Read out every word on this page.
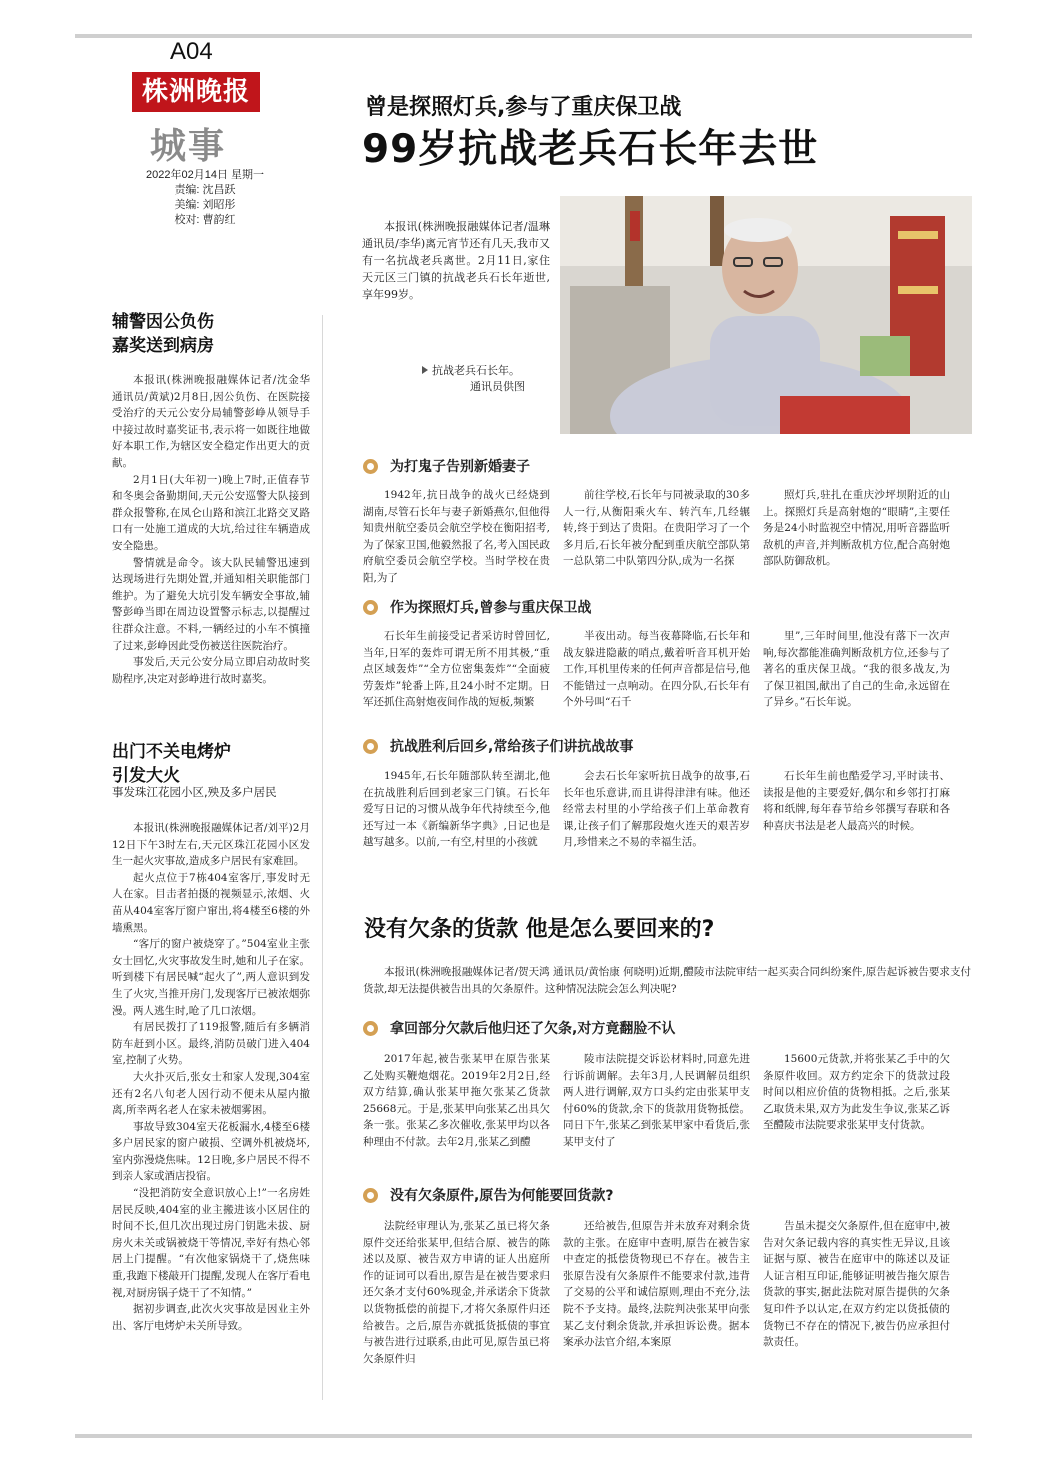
A04
株洲晚报
城事
2022年02月14日 星期一
责编: 沈昌跃
美编: 刘昭彤
校对: 曹韵红
曾是探照灯兵,参与了重庆保卫战
99岁抗战老兵石长年去世
本报讯(株洲晚报融媒体记者/温琳 通讯员/李华)离元宵节还有几天,我市又有一名抗战老兵离世。2月11日,家住天元区三门镇的抗战老兵石长年逝世,享年99岁。
抗战老兵石长年。
通讯员供图
为打鬼子告别新婚妻子

1942年,抗日战争的战火已经烧到湖南,尽管石长年与妻子新婚燕尔,但他得知贵州航空委员会航空学校在衡阳招考,为了保家卫国,他毅然报了名,考入国民政府航空委员会航空学校。当时学校在贵阳,为了

前往学校,石长年与同被录取的30多人一行,从衡阳乘火车、转汽车,几经辗转,终于到达了贵阳。在贵阳学习了一个多月后,石长年被分配到重庆航空部队第一总队第二中队第四分队,成为一名探

照灯兵,驻扎在重庆沙坪坝附近的山上。探照灯兵是高射炮的“眼睛”,主要任务是24小时监视空中情况,用听音器监听敌机的声音,并判断敌机方位,配合高射炮部队防御敌机。

作为探照灯兵,曾参与重庆保卫战

石长年生前接受记者采访时曾回忆,当年,日军的轰炸可谓无所不用其极,“重点区域轰炸”“全方位密集轰炸”“全面疲劳轰炸”轮番上阵,且24小时不定期。日军还抓住高射炮夜间作战的短板,频繁

半夜出动。每当夜幕降临,石长年和战友躲进隐蔽的哨点,戴着听音耳机开始工作,耳机里传来的任何声音都是信号,他不能错过一点响动。在四分队,石长年有个外号叫“石千

里”,三年时间里,他没有落下一次声响,每次都能准确判断敌机方位,还参与了著名的重庆保卫战。“我的很多战友,为了保卫祖国,献出了自己的生命,永远留在了异乡。”石长年说。

抗战胜利后回乡,常给孩子们讲抗战故事

1945年,石长年随部队转至湖北,他在抗战胜利后回到老家三门镇。石长年爱写日记的习惯从战争年代持续至今,他还写过一本《新编新华字典》,日记也是越写越多。以前,一有空,村里的小孩就

会去石长年家听抗日战争的故事,石长年也乐意讲,而且讲得津津有味。他还经常去村里的小学给孩子们上革命教育课,让孩子们了解那段炮火连天的艰苦岁月,珍惜来之不易的幸福生活。

石长年生前也酷爱学习,平时读书、读报是他的主要爱好,偶尔和乡邻打打麻将和纸牌,每年春节给乡邻撰写春联和各种喜庆书法是老人最高兴的时候。

没有欠条的货款 他是怎么要回来的?
本报讯(株洲晚报融媒体记者/贺天鸿 通讯员/黄怡康 何晓明)近期,醴陵市法院审结一起买卖合同纠纷案件,原告起诉被告要求支付货款,却无法提供被告出具的欠条原件。这种情况法院会怎么判决呢?
拿回部分欠款后他归还了欠条,对方竟翻脸不认

2017年起,被告张某甲在原告张某乙处购买鞭炮烟花。2019年2月2日,经双方结算,确认张某甲拖欠张某乙货款25668元。于是,张某甲向张某乙出具欠条一张。张某乙多次催收,张某甲均以各种理由不付款。去年2月,张某乙到醴

陵市法院提交诉讼材料时,同意先进行诉前调解。去年3月,人民调解员组织两人进行调解,双方口头约定由张某甲支付60%的货款,余下的货款用货物抵偿。同日下午,张某乙到张某甲家中看货后,张某甲支付了

15600元货款,并将张某乙手中的欠条原件收回。双方约定余下的货款过段时间以相应价值的货物相抵。之后,张某乙取货未果,双方为此发生争议,张某乙诉至醴陵市法院要求张某甲支付货款。

没有欠条原件,原告为何能要回货款?

法院经审理认为,张某乙虽已将欠条原件交还给张某甲,但结合原、被告的陈述以及原、被告双方申请的证人出庭所作的证词可以看出,原告是在被告要求归还欠条才支付60%现金,并承诺余下货款以货物抵偿的前提下,才将欠条原件归还给被告。之后,原告亦就抵货抵债的事宜与被告进行过联系,由此可见,原告虽已将欠条原件归

还给被告,但原告并未放弃对剩余货款的主张。在庭审中查明,原告在被告家中查定的抵偿货物现已不存在。被告主张原告没有欠条原件不能要求付款,违背了交易的公平和诚信原则,理由不充分,法院不予支持。最终,法院判决张某甲向张某乙支付剩余货款,并承担诉讼费。据本案承办法官介绍,本案原

告虽未提交欠条原件,但在庭审中,被告对欠条记载内容的真实性无异议,且该证据与原、被告在庭审中的陈述以及证人证言相互印证,能够证明被告拖欠原告货款的事实,据此法院对原告提供的欠条复印件予以认定,在双方约定以货抵债的货物已不存在的情况下,被告仍应承担付款责任。

辅警因公负伤
嘉奖送到病房

本报讯(株洲晚报融媒体记者/沈金华 通讯员/黄斌)2月8日,因公负伤、在医院接受治疗的天元公安分局辅警彭峥从领导手中接过故时嘉奖证书,表示将一如既往地做好本职工作,为辖区安全稳定作出更大的贡献。

2月1日(大年初一)晚上7时,正值春节和冬奥会备勤期间,天元公安巡警大队接到群众报警称,在凤仑山路和滨江北路交叉路口有一处施工道成的大坑,给过往车辆造成安全隐患。

警情就是命令。该大队民辅警迅速到达现场进行先期处置,并通知相关职能部门维护。为了避免大坑引发车辆安全事故,辅警彭峥当即在周边设置警示标志,以提醒过往群众注意。不料,一辆经过的小车不慎撞了过来,彭峥因此受伤被送往医院治疗。

事发后,天元公安分局立即启动故时奖励程序,决定对彭峥进行故时嘉奖。

出门不关电烤炉
引发大火
事发珠江花园小区,殃及多户居民

本报讯(株洲晚报融媒体记者/刘平)2月12日下午3时左右,天元区珠江花园小区发生一起火灾事故,造成多户居民有家难回。

起火点位于7栋404室客厅,事发时无人在家。目击者拍摄的视频显示,浓烟、火苗从404室客厅窗户窜出,将4楼至6楼的外墙熏黑。

“客厅的窗户被烧穿了。”504室业主张女士回忆,火灾事故发生时,她和儿子在家。听到楼下有居民喊“起火了”,两人意识到发生了火灾,当推开房门,发现客厅已被浓烟弥漫。两人逃生时,呛了几口浓烟。

有居民拨打了119报警,随后有多辆消防车赶到小区。最终,消防员破门进入404室,控制了火势。

大火扑灭后,张女士和家人发现,304室还有2名八旬老人因行动不便未从屋内撤离,所幸两名老人在家未被烟雾困。

事故导致304室天花板漏水,4楼至6楼多户居民家的窗户破损、空调外机被烧坏,室内弥漫烧焦味。12日晚,多户居民不得不到亲人家或酒店投宿。

“没把消防安全意识放心上!”一名房姓居民反映,404室的业主搬进该小区居住的时间不长,但几次出现过房门钥匙未拔、厨房火未关或锅被烧干等情况,幸好有热心邻居上门提醒。“有次他家锅烧干了,烧焦味重,我跑下楼敲开门提醒,发现人在客厅看电视,对厨房锅子烧干了不知情。”

据初步调查,此次火灾事故是因业主外出、客厅电烤炉未关所导致。
